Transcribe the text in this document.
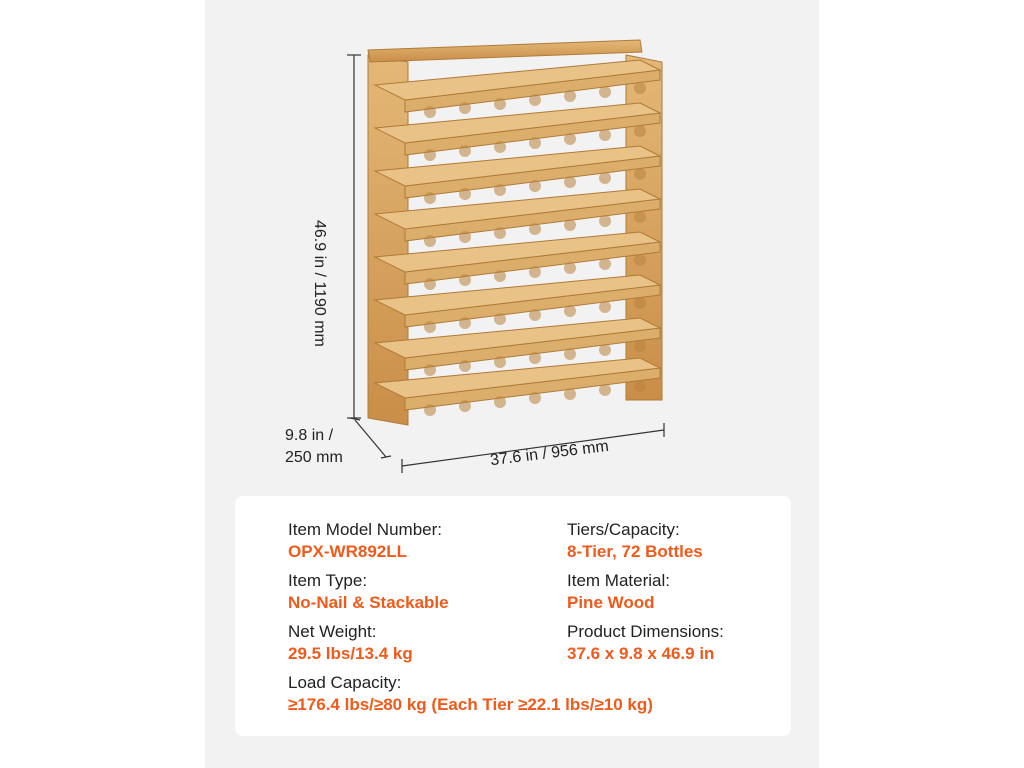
46.9 in / 1190 mm
9.8 in /
250 mm	37.6 in / 956 mm
Item Model Number:
OPX-WR892LL
Tiers/Capacity:
8-Tier, 72 Bottles
Item Type:
No-Nail & Stackable
Item Material:
Pine Wood
Net Weight:
29.5 lbs/13.4 kg
Product Dimensions:
37.6 x 9.8 x 46.9 in
Load Capacity:
≥176.4 lbs/≥80 kg (Each Tier ≥22.1 lbs/≥10 kg)
